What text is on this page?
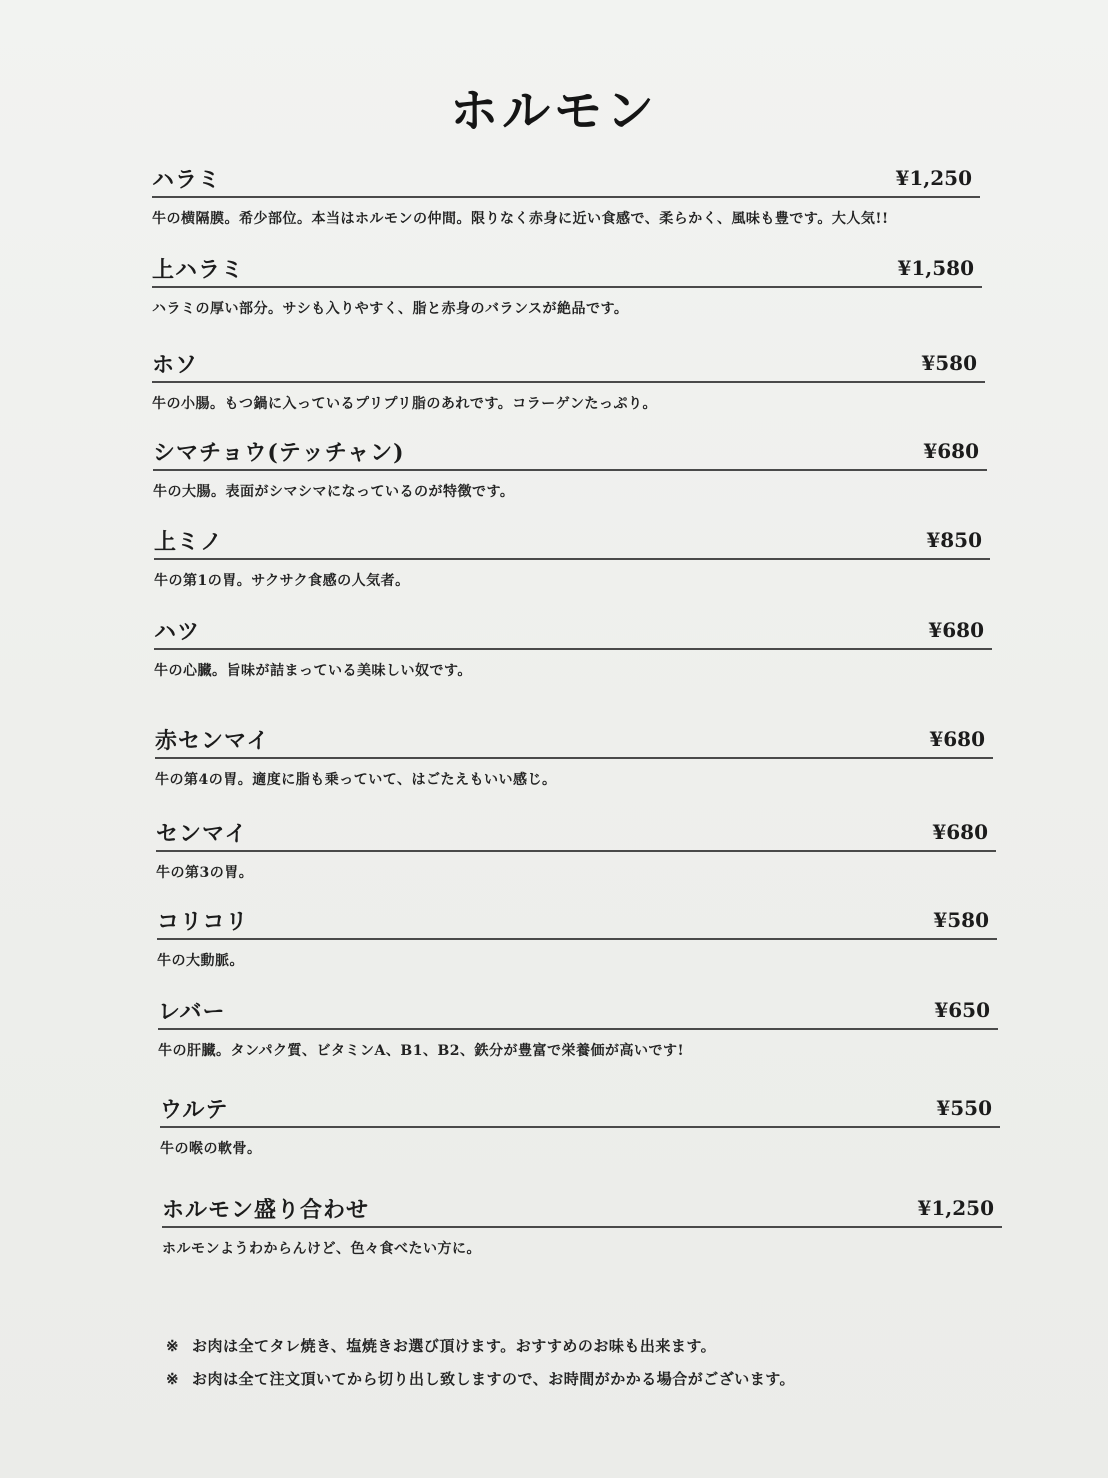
ホルモン
ハラミ	¥1,250
牛の横隔膜。希少部位。本当はホルモンの仲間。限りなく赤身に近い食感で、柔らかく、風味も豊です。大人気!!
上ハラミ	¥1,580
ハラミの厚い部分。サシも入りやすく、脂と赤身のバランスが絶品です。
ホソ	¥580
牛の小腸。もつ鍋に入っているプリプリ脂のあれです。コラーゲンたっぷり。
シマチョウ(テッチャン)	¥680
牛の大腸。表面がシマシマになっているのが特徴です。
上ミノ	¥850
牛の第1の胃。サクサク食感の人気者。
ハツ	¥680
牛の心臓。旨味が詰まっている美味しい奴です。
赤センマイ	¥680
牛の第4の胃。適度に脂も乗っていて、はごたえもいい感じ。
センマイ	¥680
牛の第3の胃。
コリコリ	¥580
牛の大動脈。
レバー	¥650
牛の肝臓。タンパク質、ビタミンA、B1、B2、鉄分が豊富で栄養価が高いです!
ウルテ	¥550
牛の喉の軟骨。
ホルモン盛り合わせ	¥1,250
ホルモンようわからんけど、色々食べたい方に。
※ お肉は全てタレ焼き、塩焼きお選び頂けます。おすすめのお味も出来ます。
※ お肉は全て注文頂いてから切り出し致しますので、お時間がかかる場合がございます。
